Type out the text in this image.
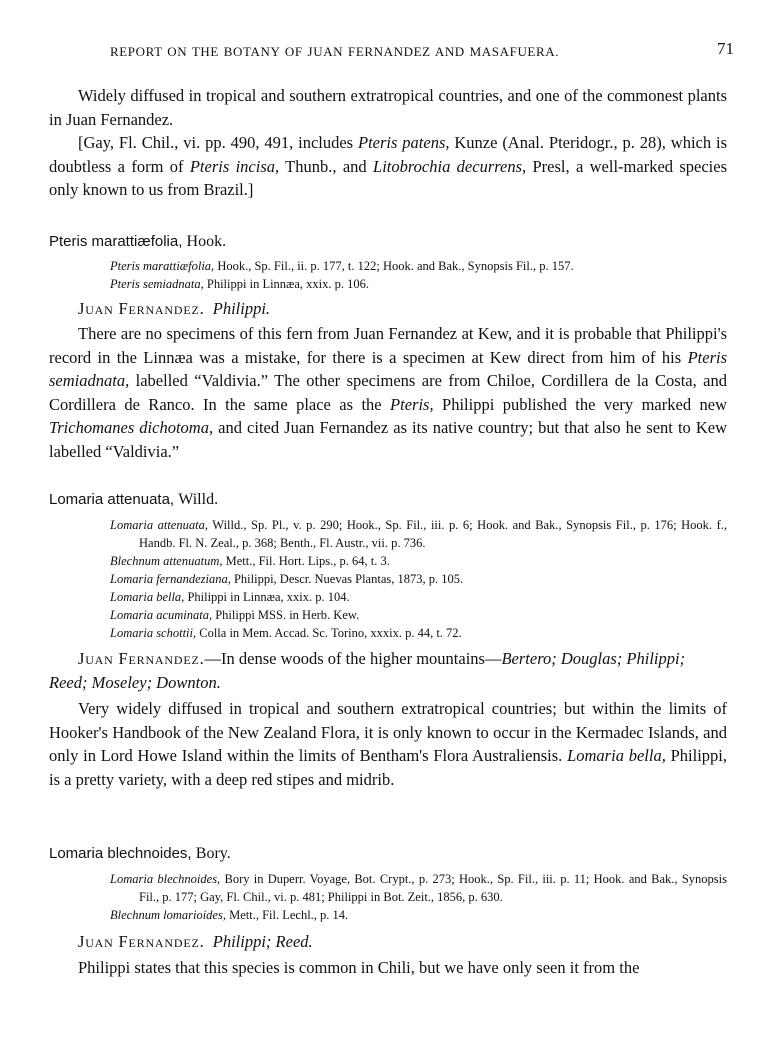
REPORT ON THE BOTANY OF JUAN FERNANDEZ AND MASAFUERA.	71
Widely diffused in tropical and southern extratropical countries, and one of the commonest plants in Juan Fernandez.
[Gay, Fl. Chil., vi. pp. 490, 491, includes Pteris patens, Kunze (Anal. Pteridogr., p. 28), which is doubtless a form of Pteris incisa, Thunb., and Litobrochia decurrens, Presl, a well-marked species only known to us from Brazil.]
Pteris marattiæfolia, Hook.
Pteris marattiæfolia, Hook., Sp. Fil., ii. p. 177, t. 122; Hook. and Bak., Synopsis Fil., p. 157.
Pteris semiadnata, Philippi in Linnæa, xxix. p. 106.
Juan Fernandez. Philippi.
There are no specimens of this fern from Juan Fernandez at Kew, and it is probable that Philippi's record in the Linnæa was a mistake, for there is a specimen at Kew direct from him of his Pteris semiadnata, labelled “Valdivia.” The other specimens are from Chiloe, Cordillera de la Costa, and Cordillera de Ranco. In the same place as the Pteris, Philippi published the very marked new Trichomanes dichotoma, and cited Juan Fernandez as its native country; but that also he sent to Kew labelled “Valdivia.”
Lomaria attenuata, Willd.
Lomaria attenuata, Willd., Sp. Pl., v. p. 290; Hook., Sp. Fil., iii. p. 6; Hook. and Bak., Synopsis Fil., p. 176; Hook. f., Handb. Fl. N. Zeal., p. 368; Benth., Fl. Austr., vii. p. 736.
Blechnum attenuatum, Mett., Fil. Hort. Lips., p. 64, t. 3.
Lomaria fernandeziana, Philippi, Descr. Nuevas Plantas, 1873, p. 105.
Lomaria bella, Philippi in Linnæa, xxix. p. 104.
Lomaria acuminata, Philippi MSS. in Herb. Kew.
Lomaria schottii, Colla in Mem. Accad. Sc. Torino, xxxix. p. 44, t. 72.
Juan Fernandez.—In dense woods of the higher mountains—Bertero; Douglas; Philippi; Reed; Moseley; Downton.
Very widely diffused in tropical and southern extratropical countries; but within the limits of Hooker's Handbook of the New Zealand Flora, it is only known to occur in the Kermadec Islands, and only in Lord Howe Island within the limits of Bentham's Flora Australiensis. Lomaria bella, Philippi, is a pretty variety, with a deep red stipes and midrib.
Lomaria blechnoides, Bory.
Lomaria blechnoides, Bory in Duperr. Voyage, Bot. Crypt., p. 273; Hook., Sp. Fil., iii. p. 11; Hook. and Bak., Synopsis Fil., p. 177; Gay, Fl. Chil., vi. p. 481; Philippi in Bot. Zeit., 1856, p. 630.
Blechnum lomarioides, Mett., Fil. Lechl., p. 14.
Juan Fernandez. Philippi; Reed.
Philippi states that this species is common in Chili, but we have only seen it from the
